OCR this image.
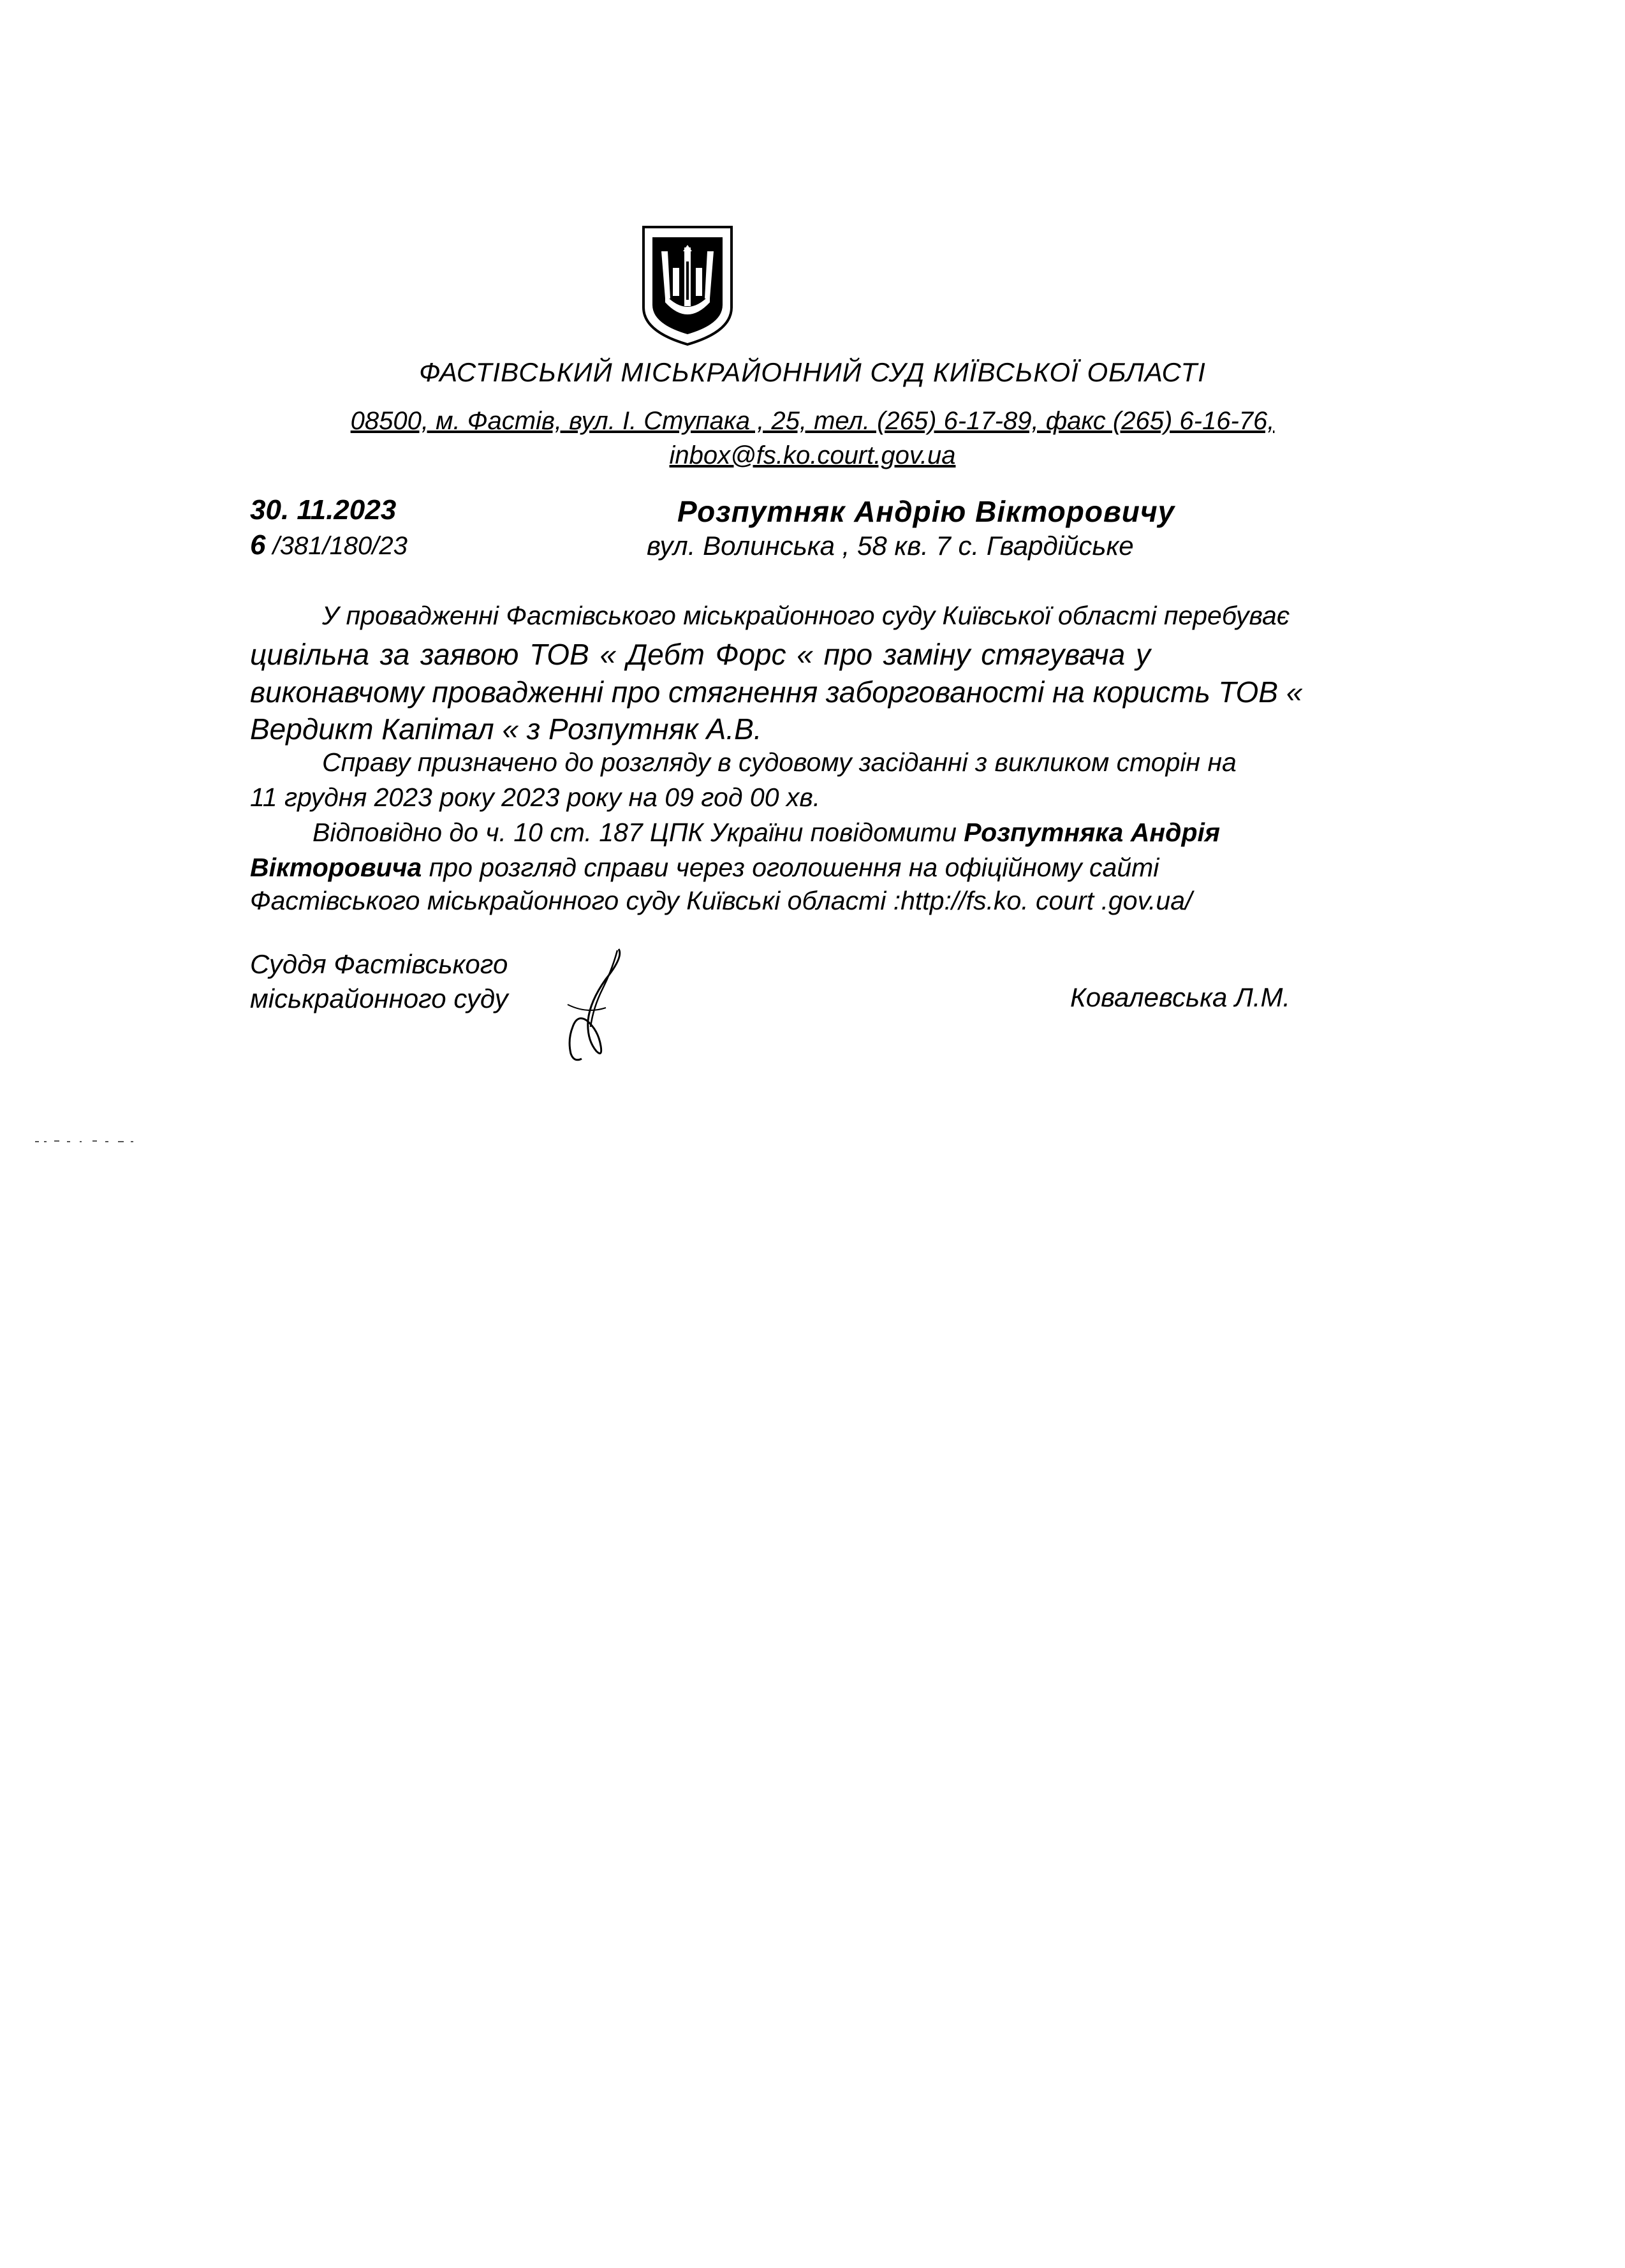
ФАСТІВСЬКИЙ МІСЬКРАЙОННИЙ СУД КИЇВСЬКОЇ ОБЛАСТІ
08500, м. Фастів, вул. І. Ступака , 25, тел. (265) 6-17-89, факс (265) 6-16-76,
inbox@fs.ko.court.gov.ua
30. 11.2023
6 /381/180/23
Розпутняк Андрію Вікторовичу
вул. Волинська , 58 кв. 7 с. Гвардійське
У провадженні Фастівського міськрайонного суду Київської області перебуває
цивільна за заявою ТОВ « Дебт Форс « про заміну стягувача у
виконавчому провадженні про стягнення заборгованості на користь ТОВ «
Вердикт Капітал « з Розпутняк А.В.
Справу призначено до розгляду в судовому засіданні з викликом сторін на
11 грудня 2023 року 2023 року на 09 год 00 хв.
Відповідно до ч. 10 ст. 187 ЦПК України повідомити Розпутняка Андрія
Вікторовича про розгляд справи через оголошення на офіційному сайті
Фастівського міськрайонного суду Київські області :http://fs.ko. court .gov.ua/
Суддя Фастівського
міськрайонного суду	Ковалевська Л.М.
